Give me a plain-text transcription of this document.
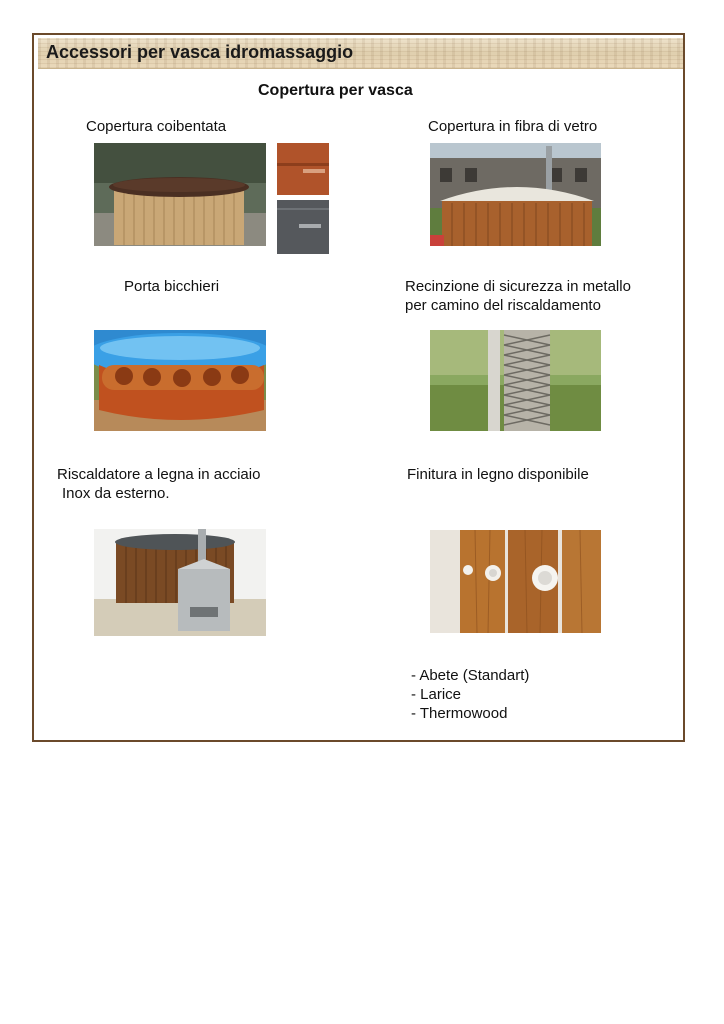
Accessori per vasca idromassaggio
Copertura per vasca
Copertura coibentata	Copertura in fibra di vetro
Porta bicchieri	Recinzione di sicurezza in metallo
per camino del riscaldamento
Riscaldatore a legna in acciaio
Inox da esterno.
Finitura in legno disponibile
- Abete (Standart)
- Larice
- Thermowood
